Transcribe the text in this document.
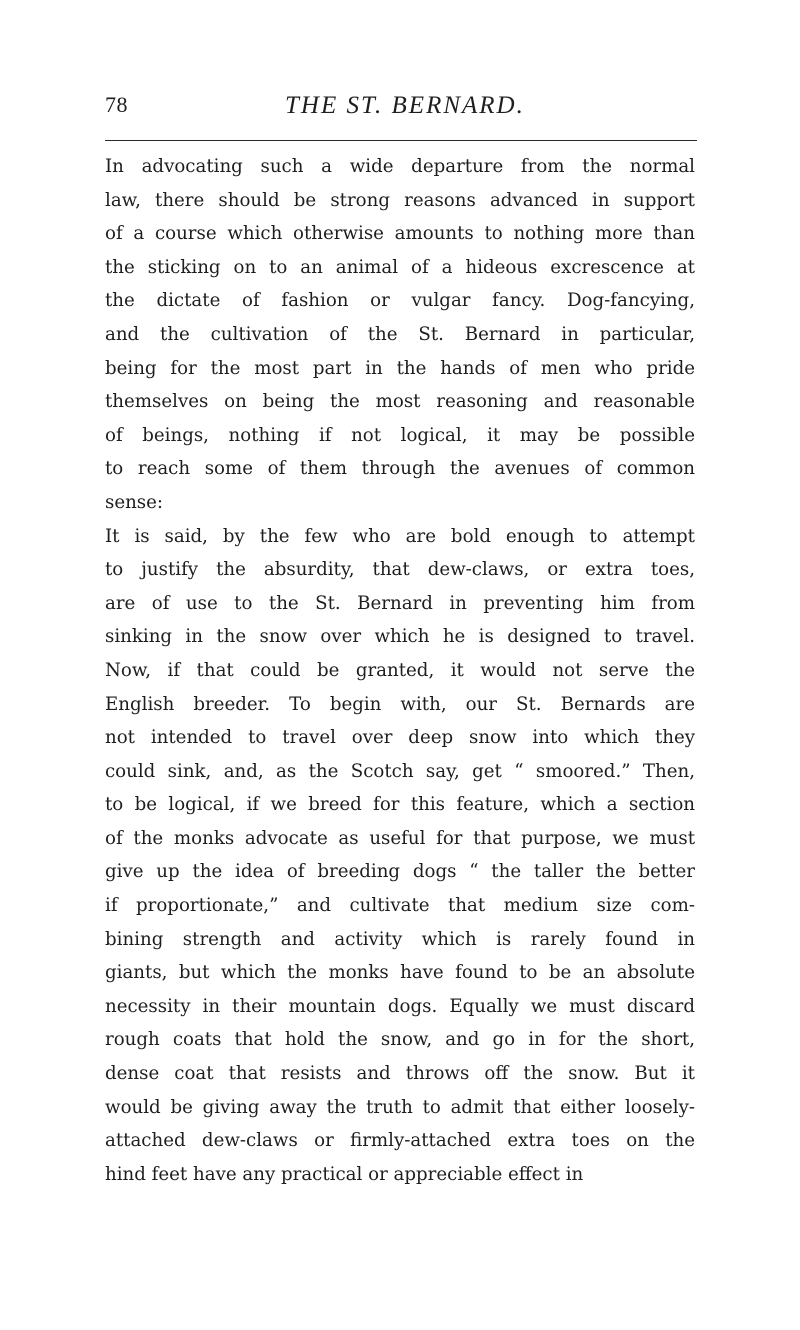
78	THE ST. BERNARD.
In advocating such a wide departure from the normal
law, there should be strong reasons advanced in support
of a course which otherwise amounts to nothing more than
the sticking on to an animal of a hideous excrescence at
the dictate of fashion or vulgar fancy. Dog-fancying,
and the cultivation of the St. Bernard in particular,
being for the most part in the hands of men who pride
themselves on being the most reasoning and reasonable
of beings, nothing if not logical, it may be possible
to reach some of them through the avenues of common
sense:
It is said, by the few who are bold enough to attempt
to justify the absurdity, that dew-claws, or extra toes,
are of use to the St. Bernard in preventing him from
sinking in the snow over which he is designed to travel.
Now, if that could be granted, it would not serve the
English breeder. To begin with, our St. Bernards are
not intended to travel over deep snow into which they
could sink, and, as the Scotch say, get “ smoored.” Then,
to be logical, if we breed for this feature, which a section
of the monks advocate as useful for that purpose, we must
give up the idea of breeding dogs “ the taller the better
if proportionate,” and cultivate that medium size com-
bining strength and activity which is rarely found in
giants, but which the monks have found to be an absolute
necessity in their mountain dogs. Equally we must discard
rough coats that hold the snow, and go in for the short,
dense coat that resists and throws off the snow. But it
would be giving away the truth to admit that either loosely-
attached dew-claws or firmly-attached extra toes on the
hind feet have any practical or appreciable effect in
